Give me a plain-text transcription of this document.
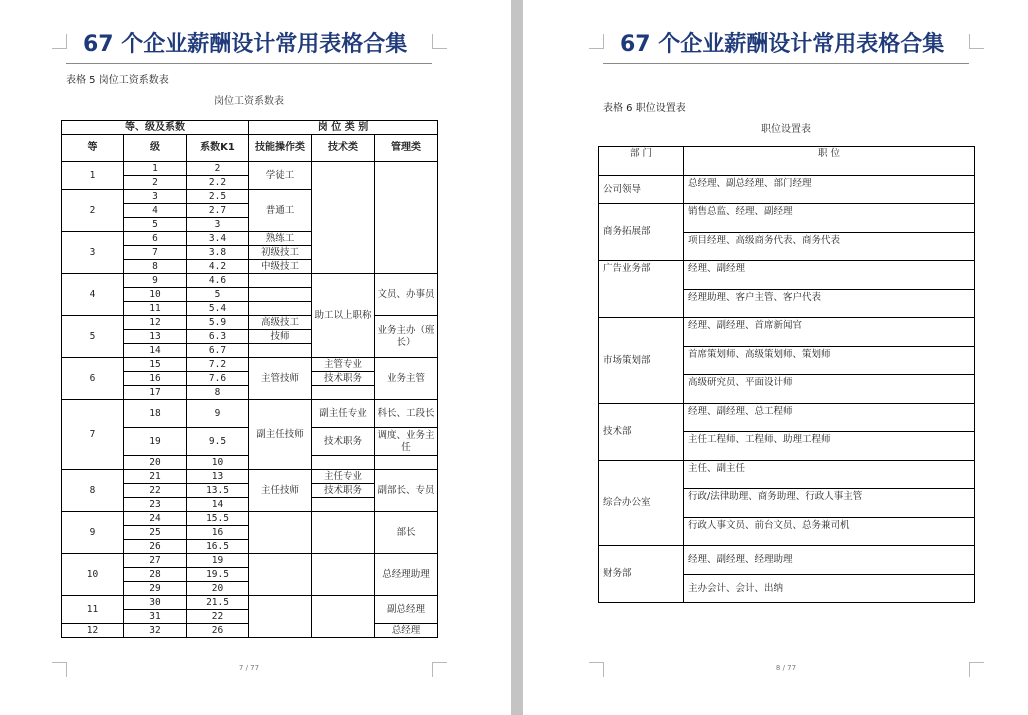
67 个企业薪酬设计常用表格合集
表格 5 岗位工资系数表
岗位工资系数表
等、级及系数			岗 位 类 别		
等	级	系数K1	技能操作类	技术类	管理类
1	1	2	学徒工		
	2	2.2			
2	3	2.5	普通工		
	4	2.7			
	5	3			
3	6	3.4	熟练工		
	7	3.8	初级技工		
	8	4.2	中级技工		
4	9	4.6		助工以上职称	文员、办事员
	10	5			
	11	5.4			
5	12	5.9	高级技工		业务主办（班长）
	13	6.3	技师		
	14	6.7			
6	15	7.2	主管技师	主管专业	业务主管
	16	7.6		技术职务	
	17	8			
7	18	9	副主任技师	副主任专业	科长、工段长
	19	9.5		技术职务	调度、业务主任
	20	10			
8	21	13	主任技师	主任专业	副部长、专员
	22	13.5		技术职务	
	23	14			
9	24	15.5			部长
	25	16			
	26	16.5			
10	27	19			总经理助理
	28	19.5			
	29	20			
11	30	21.5			副总经理
	31	22			
12	32	26			总经理
7 / 77
67 个企业薪酬设计常用表格合集
表格 6 职位设置表
职位设置表
8 / 77
部 门	职 位
公司领导	总经理、副总经理、部门经理
商务拓展部	销售总监、经理、副经理
	项目经理、高级商务代表、商务代表
广告业务部	经理、副经理
	经理助理、客户主管、客户代表
市场策划部	经理、副经理、首席新闻官
	首席策划师、高级策划师、策划师
	高级研究员、平面设计师
技术部	经理、副经理、总工程师
	主任工程师、工程师、助理工程师
综合办公室	主任、副主任
	行政/法律助理、商务助理、行政人事主管
	行政人事文员、前台文员、总务兼司机
财务部	经理、副经理、经理助理
	主办会计、会计、出纳
